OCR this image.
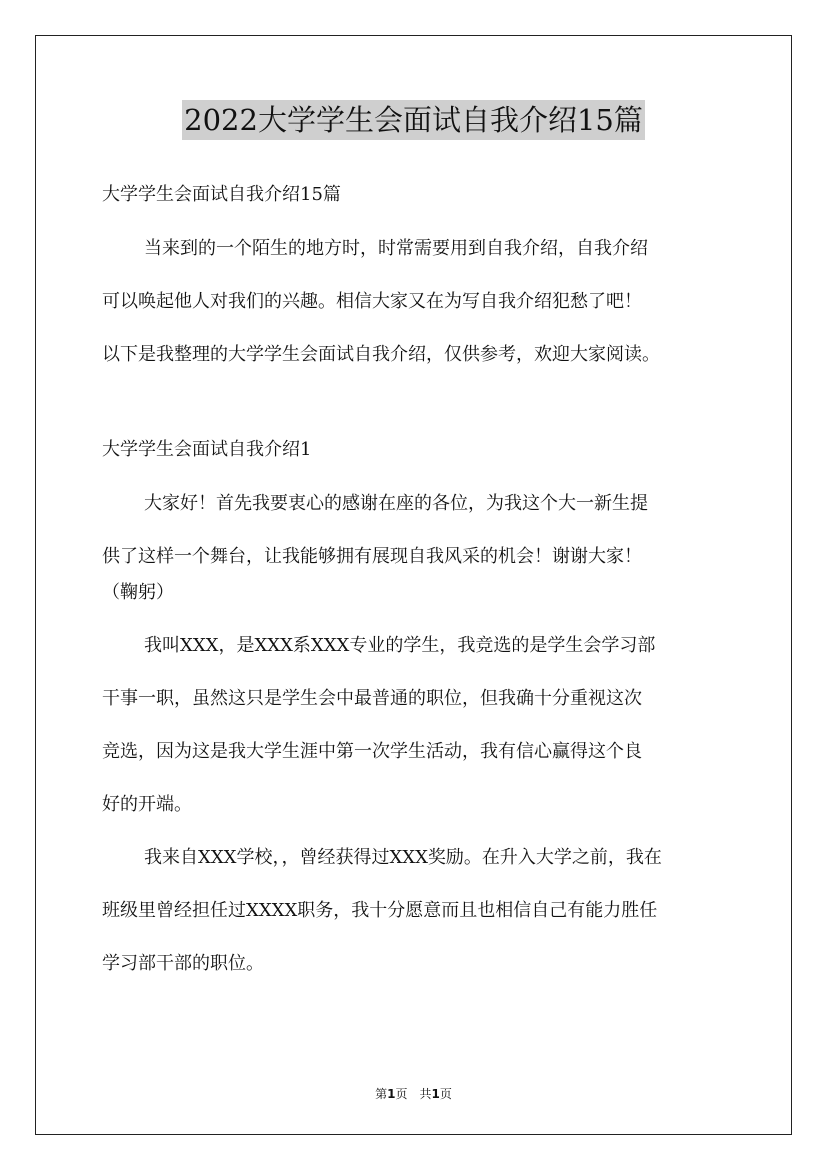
2022大学学生会面试自我介绍15篇
大学学生会面试自我介绍15篇
当来到的一个陌生的地方时，时常需要用到自我介绍，自我介绍
可以唤起他人对我们的兴趣。相信大家又在为写自我介绍犯愁了吧！
以下是我整理的大学学生会面试自我介绍，仅供参考，欢迎大家阅读。
大学学生会面试自我介绍1
大家好！首先我要衷心的感谢在座的各位，为我这个大一新生提
供了这样一个舞台，让我能够拥有展现自我风采的机会！谢谢大家！
（鞠躬）
我叫XXX，是XXX系XXX专业的学生，我竞选的是学生会学习部
干事一职，虽然这只是学生会中最普通的职位，但我确十分重视这次
竞选，因为这是我大学生涯中第一次学生活动，我有信心赢得这个良
好的开端。
我来自XXX学校，，曾经获得过XXX奖励。在升入大学之前，我在
班级里曾经担任过XXXX职务，我十分愿意而且也相信自己有能力胜任
学习部干部的职位。
第1页　共1页
